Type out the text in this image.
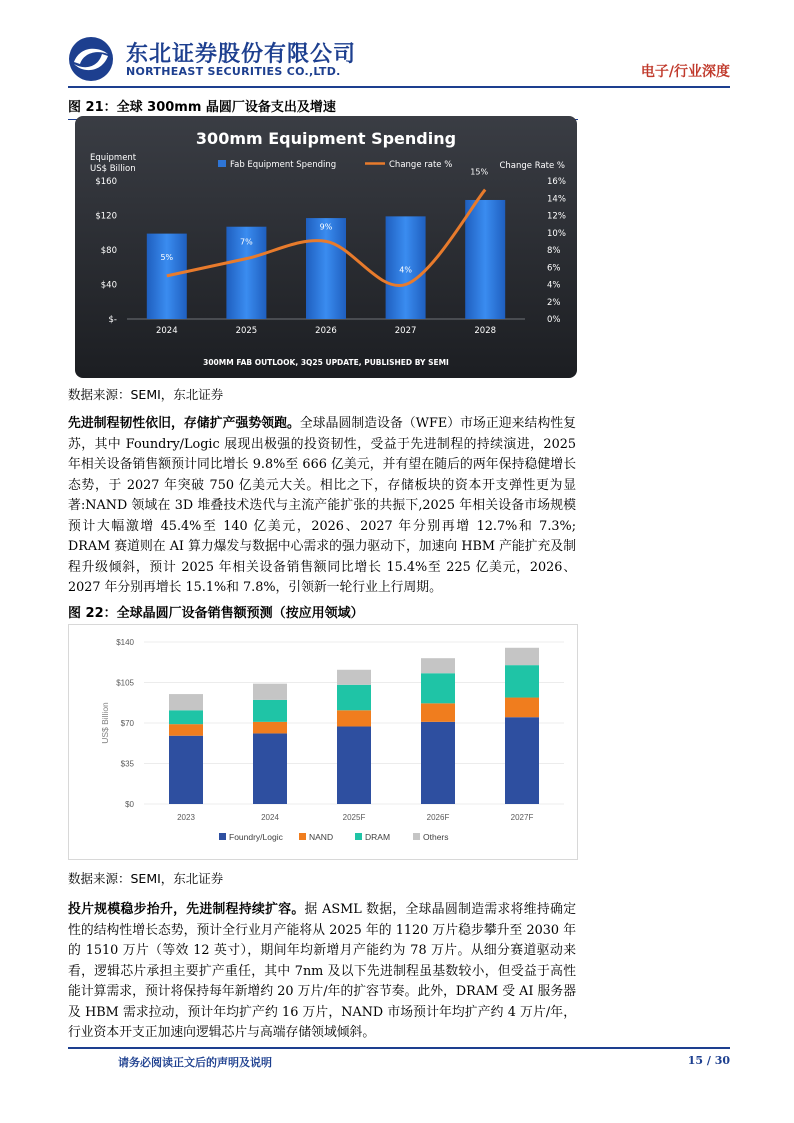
东北证券股份有限公司
NORTHEAST SECURITIES CO.,LTD.	电子/行业深度
图 21：全球 300mm 晶圆厂设备支出及增速
300mm Equipment Spending
Fab Equipment Spending	Change rate %
Equipment
US$ Billion	Change Rate %
$-
$40
$80
$120
$160
0%
2%
4%
6%
8%
10%
12%
14%
16%
300MM FAB OUTLOOK, 3Q25 UPDATE, PUBLISHED BY SEMI
2024	2025	2026	2027	2028
5%
7%
9%
4%
15%
数据来源：SEMI，东北证券
先进制程韧性依旧，存储扩产强势领跑。全球晶圆制造设备（WFE）市场正迎来结构性复苏，其中 Foundry/Logic 展现出极强的投资韧性，受益于先进制程的持续演进，2025 年相关设备销售额预计同比增长 9.8%至 666 亿美元，并有望在随后的两年保持稳健增长态势，于 2027 年突破 750 亿美元大关。相比之下，存储板块的资本开支弹性更为显著:NAND 领域在 3D 堆叠技术迭代与主流产能扩张的共振下,2025 年相关设备市场规模预计大幅激增 45.4%至 140 亿美元，2026、2027 年分别再增 12.7%和 7.3%; DRAM 赛道则在 AI 算力爆发与数据中心需求的强力驱动下，加速向 HBM 产能扩充及制程升级倾斜，预计 2025 年相关设备销售额同比增长 15.4%至 225 亿美元，2026、2027 年分别再增长 15.1%和 7.8%，引领新一轮行业上行周期。
图 22：全球晶圆厂设备销售额预测（按应用领域）
$0
$35
$70
$105
$140
US$ Billion
2023	2024	2025F	2026F	2027F
Foundry/Logic	NAND	DRAM	Others
数据来源：SEMI，东北证券
投片规模稳步抬升，先进制程持续扩容。据 ASML 数据，全球晶圆制造需求将维持确定性的结构性增长态势，预计全行业月产能将从 2025 年的 1120 万片稳步攀升至 2030 年的 1510 万片（等效 12 英寸），期间年均新增月产能约为 78 万片。从细分赛道驱动来看，逻辑芯片承担主要扩产重任，其中 7nm 及以下先进制程虽基数较小，但受益于高性能计算需求，预计将保持每年新增约 20 万片/年的扩容节奏。此外，DRAM 受 AI 服务器及 HBM 需求拉动，预计年均扩产约 16 万片，NAND 市场预计年均扩产约 4 万片/年，行业资本开支正加速向逻辑芯片与高端存储领域倾斜。
请务必阅读正文后的声明及说明	15 / 30
